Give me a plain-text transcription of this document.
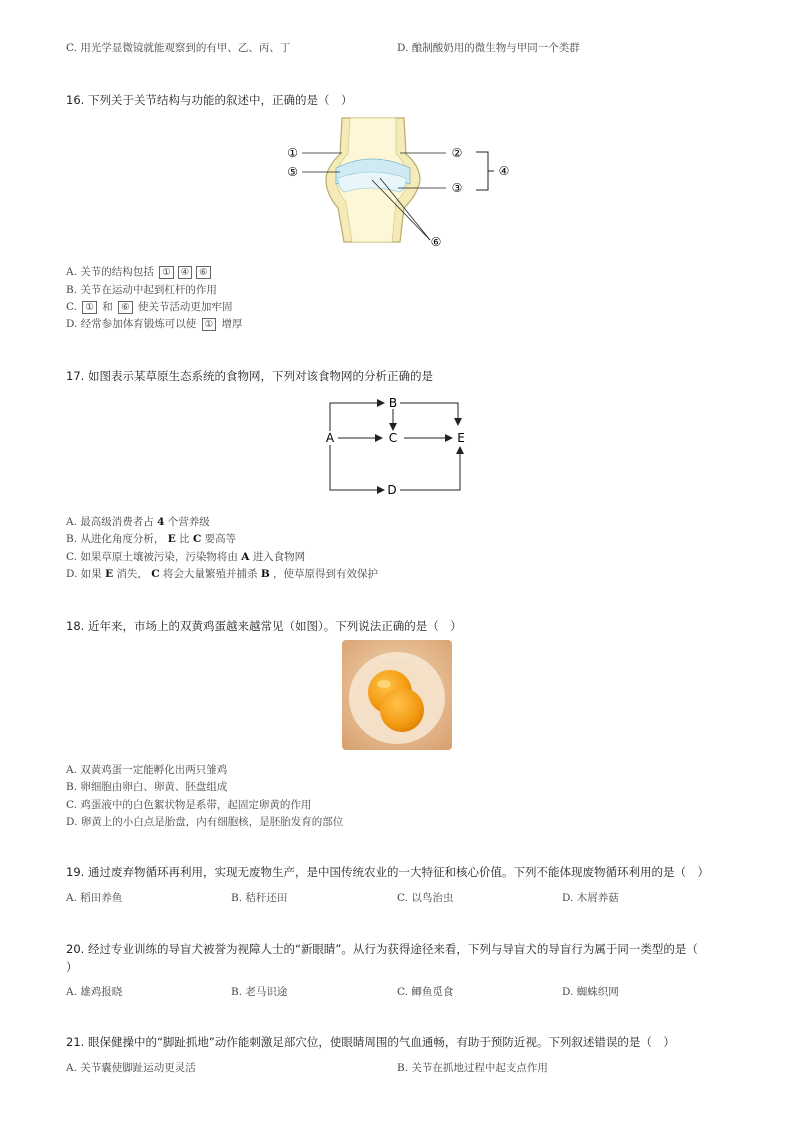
C. 用光学显微镜就能观察到的有甲、乙、丙、丁	D. 酿制酸奶用的微生物与甲同一个类群
16. 下列关于关节结构与功能的叙述中，正确的是（　）
①	②
③
④
⑤
⑥
A. 关节的结构包括 ① ④ ⑥
B. 关节在运动中起到杠杆的作用
C. ① 和 ⑥ 使关节活动更加牢固
D. 经常参加体育锻炼可以使 ① 增厚
17. 如图表示某草原生态系统的食物网，下列对该食物网的分析正确的是
A
B
C
D
E
A. 最高级消费者占 4 个营养级
B. 从进化角度分析， E 比 C 要高等
C. 如果草原土壤被污染，污染物将由 A 进入食物网
D. 如果 E 消失， C 将会大量繁殖并捕杀 B ，使草原得到有效保护
18. 近年来，市场上的双黄鸡蛋越来越常见（如图）。下列说法正确的是（　）
A. 双黄鸡蛋一定能孵化出两只雏鸡
B. 卵细胞由卵白、卵黄、胚盘组成
C. 鸡蛋液中的白色絮状物是系带，起固定卵黄的作用
D. 卵黄上的小白点是胎盘，内有细胞核，是胚胎发育的部位
19. 通过废弃物循环再利用，实现无废物生产，是中国传统农业的一大特征和核心价值。下列不能体现废物循环利用的是（　）
A. 稻田养鱼	B. 秸秆还田	C. 以鸟治虫	D. 木屑养菇
20. 经过专业训练的导盲犬被誉为视障人士的“新眼睛”。从行为获得途径来看，下列与导盲犬的导盲行为属于同一类型的是（
）
A. 雄鸡报晓	B. 老马识途	C. 鲫鱼觅食	D. 蜘蛛织网
21. 眼保健操中的“脚趾抓地”动作能刺激足部穴位，使眼睛周围的气血通畅，有助于预防近视。下列叙述错误的是（　）
A. 关节囊使脚趾运动更灵活	B. 关节在抓地过程中起支点作用
